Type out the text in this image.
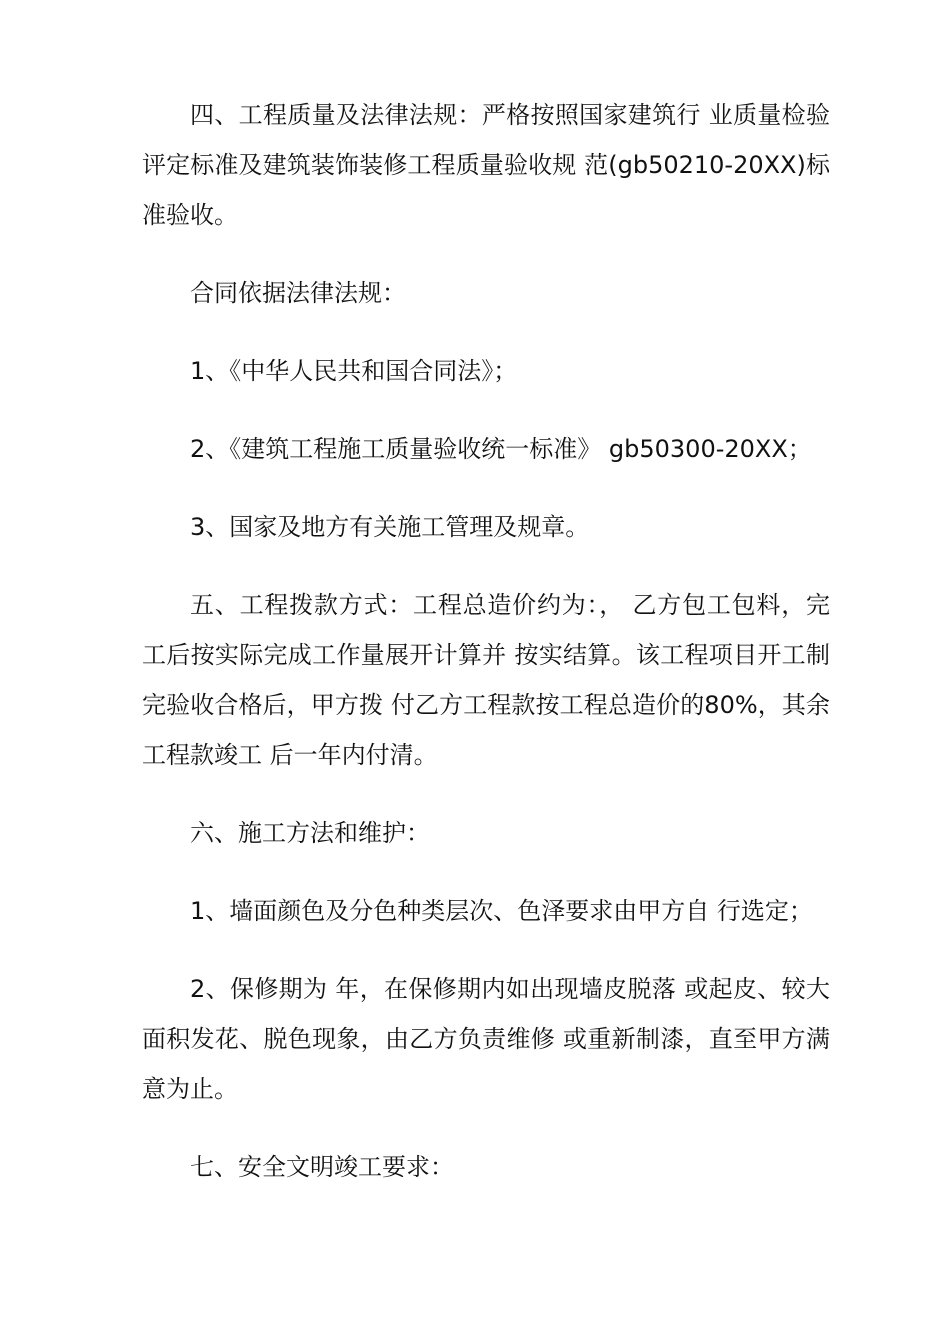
四、工程质量及法律法规：严格按照国家建筑行 业质量检验评定标准及建筑装饰装修工程质量验收规 范(gb50210-20XX)标准验收。

合同依据法律法规：

1、《中华人民共和国合同法》；

2、《建筑工程施工质量验收统一标准》 gb50300-20XX；

3、国家及地方有关施工管理及规章。

五、工程拨款方式：工程总造价约为：， 乙方包工包料，完工后按实际完成工作量展开计算并 按实结算。该工程项目开工制完验收合格后，甲方拨 付乙方工程款按工程总造价的80%，其余工程款竣工 后一年内付清。

六、施工方法和维护：

1、墙面颜色及分色种类层次、色泽要求由甲方自 行选定；

2、保修期为 年，在保修期内如出现墙皮脱落 或起皮、较大面积发花、脱色现象，由乙方负责维修 或重新制漆，直至甲方满意为止。

七、安全文明竣工要求：
